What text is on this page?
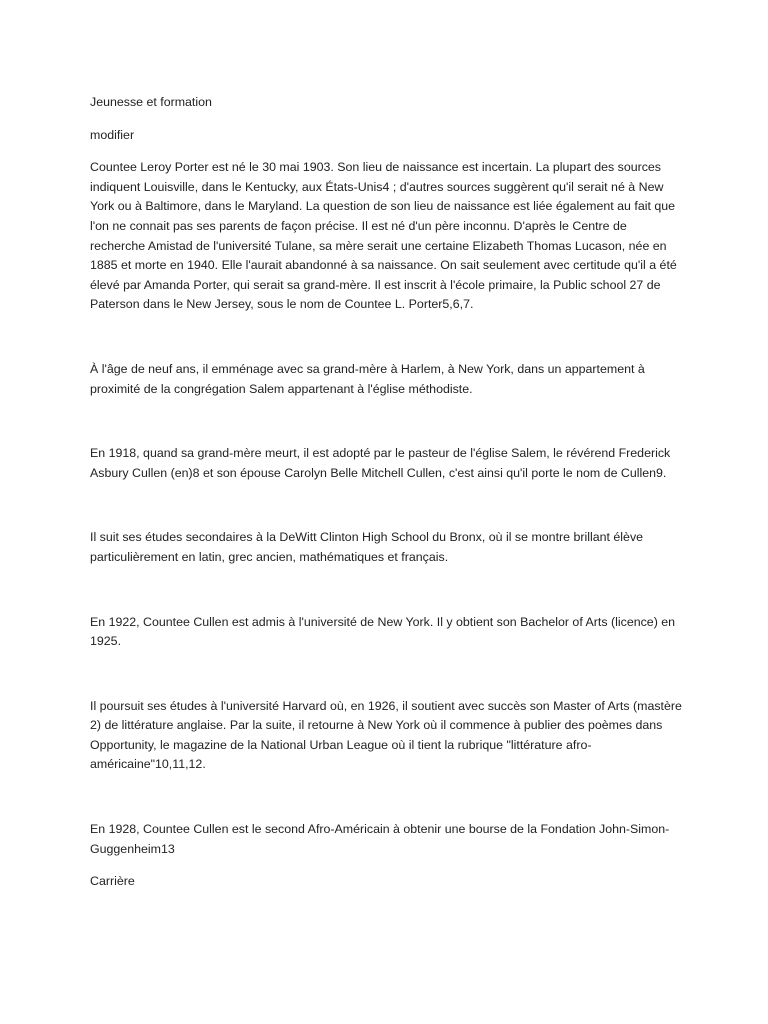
Jeunesse et formation

modifier

Countee Leroy Porter est né le 30 mai 1903. Son lieu de naissance est incertain. La plupart des sources indiquent Louisville, dans le Kentucky, aux États-Unis4 ; d'autres sources suggèrent qu'il serait né à New York ou à Baltimore, dans le Maryland. La question de son lieu de naissance est liée également au fait que l'on ne connait pas ses parents de façon précise. Il est né d'un père inconnu. D'après le Centre de recherche Amistad de l'université Tulane, sa mère serait une certaine Elizabeth Thomas Lucason, née en 1885 et morte en 1940. Elle l'aurait abandonné à sa naissance. On sait seulement avec certitude qu'il a été élevé par Amanda Porter, qui serait sa grand-mère. Il est inscrit à l'école primaire, la Public school 27 de Paterson dans le New Jersey, sous le nom de Countee L. Porter5,6,7.

À l'âge de neuf ans, il emménage avec sa grand-mère à Harlem, à New York, dans un appartement à proximité de la congrégation Salem appartenant à l'église méthodiste.

En 1918, quand sa grand-mère meurt, il est adopté par le pasteur de l'église Salem, le révérend Frederick Asbury Cullen (en)8 et son épouse Carolyn Belle Mitchell Cullen, c'est ainsi qu'il porte le nom de Cullen9.

Il suit ses études secondaires à la DeWitt Clinton High School du Bronx, où il se montre brillant élève particulièrement en latin, grec ancien, mathématiques et français.

En 1922, Countee Cullen est admis à l'université de New York. Il y obtient son Bachelor of Arts (licence) en 1925.

Il poursuit ses études à l'université Harvard où, en 1926, il soutient avec succès son Master of Arts (mastère 2) de littérature anglaise. Par la suite, il retourne à New York où il commence à publier des poèmes dans Opportunity, le magazine de la National Urban League où il tient la rubrique "littérature afro-américaine"10,11,12.

En 1928, Countee Cullen est le second Afro-Américain à obtenir une bourse de la Fondation John-Simon-Guggenheim13

Carrière
